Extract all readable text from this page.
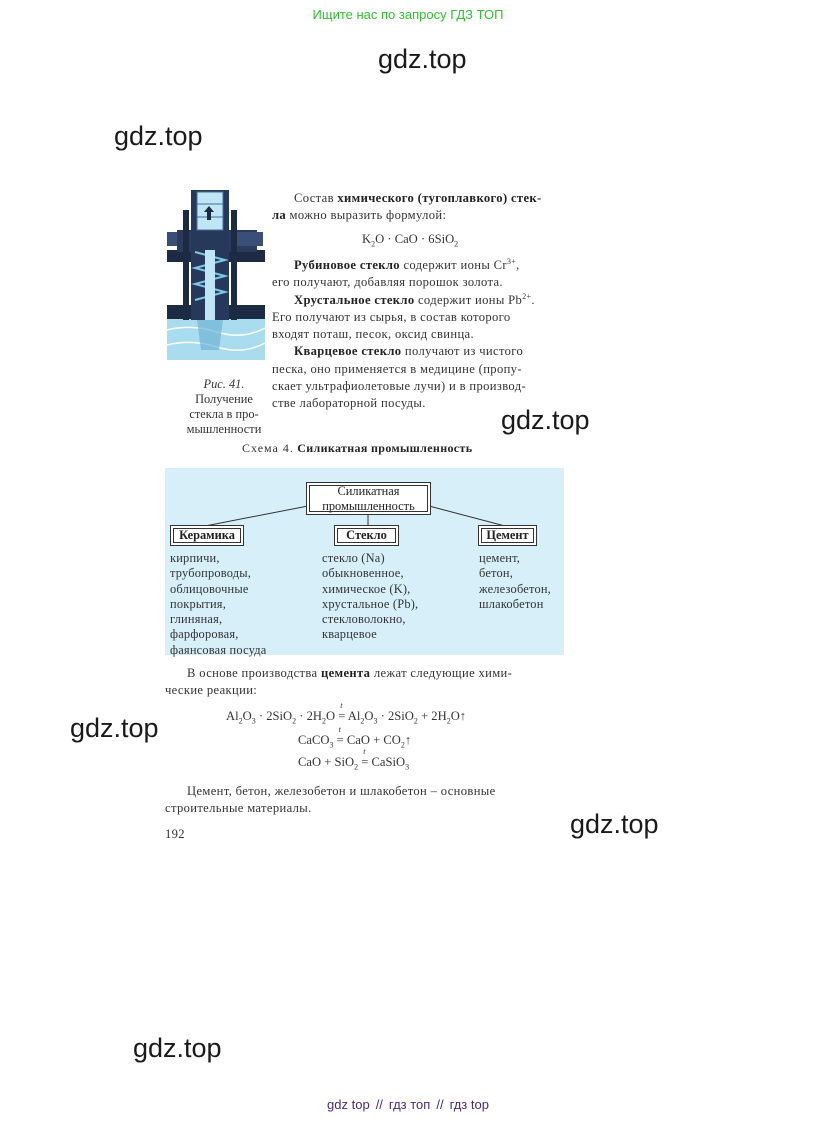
Ищите нас по запросу ГДЗ ТОП
gdz.top
gdz.top
gdz.top
gdz.top
gdz.top
gdz.top
Рис. 41.
Получение
стекла в про-
мышленности
Состав химического (тугоплавкого) стек-
ла можно выразить формулой:
$K_2O$ · CaO · 6SiO$_2$
Рубиновое стекло содержит ионы $Cr^{3+}$,
его получают, добавляя порошок золота.
Хрустальное стекло содержит ионы $Pb^{2+}$.
Его получают из сырья, в состав которого
входят поташ, песок, оксид свинца.
Кварцевое стекло получают из чистого
песка, оно применяется в медицине (пропу-
скает ультрафиолетовые лучи) и в производ-
стве лабораторной посуды.
Схема 4. Силикатная промышленность
Силикатная
промышленность
Керамика	Стекло	Цемент
кирпичи,
трубопроводы,
облицовочные
покрытия,
глиняная,
фарфоровая,
фаянсовая посуда
стекло (Na)
обыкновенное,
химическое (K),
хрустальное (Pb),
стекловолокно,
кварцевое
цемент,
бетон,
железобетон,
шлакобетон
В основе производства цемента лежат следующие хими-
ческие реакции:
$Al_2O_3 \cdot 2SiO_2 \cdot 2H_2O$ =
t
$Al_2O_3 \cdot 2SiO_2$ + $2H_2O↑$
CaCO$_3$ =
t
CaO + $CO_2↑$
CaO + SiO$_2$ =
t
CaSiO$_3$
Цемент, бетон, железобетон и шлакобетон – основные
строительные материалы.
192
gdz top // гдз топ // гдз top
